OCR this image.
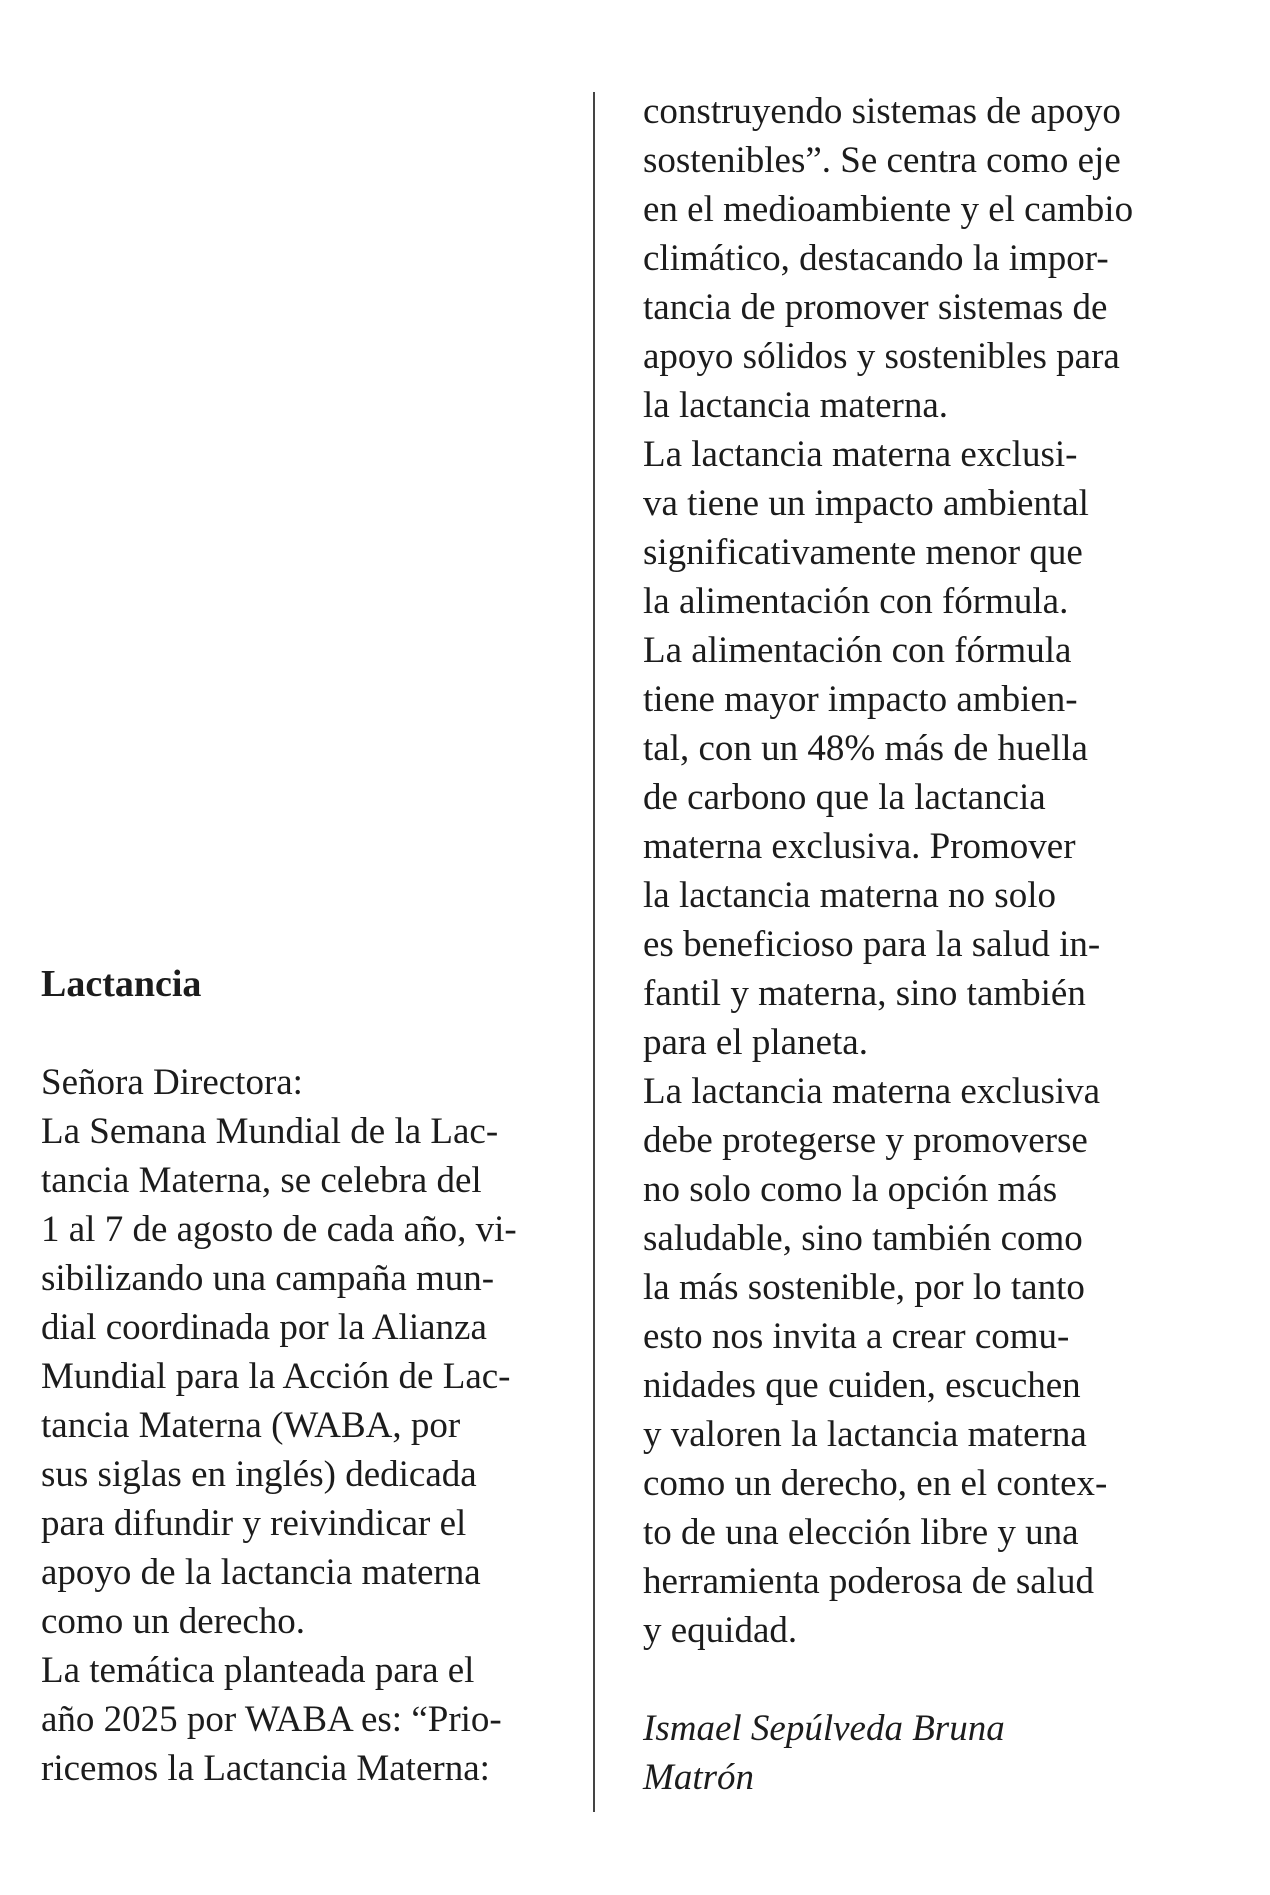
Lactancia
Señora Directora:

La Semana Mundial de la Lac-
tancia Materna, se celebra del
1 al 7 de agosto de cada año, vi-
sibilizando una campaña mun-
dial coordinada por la Alianza
Mundial para la Acción de Lac-
tancia Materna (WABA, por
sus siglas en inglés) dedicada
para difundir y reivindicar el
apoyo de la lactancia materna
como un derecho.

La temática planteada para el
año 2025 por WABA es: “Prio-
ricemos la Lactancia Materna:

construyendo sistemas de apoyo
sostenibles”. Se centra como eje
en el medioambiente y el cambio
climático, destacando la impor-
tancia de promover sistemas de
apoyo sólidos y sostenibles para
la lactancia materna.

La lactancia materna exclusi-
va tiene un impacto ambiental
significativamente menor que
la alimentación con fórmula.
La alimentación con fórmula
tiene mayor impacto ambien-
tal, con un 48% más de huella
de carbono que la lactancia
materna exclusiva. Promover
la lactancia materna no solo
es beneficioso para la salud in-
fantil y materna, sino también
para el planeta.

La lactancia materna exclusiva
debe protegerse y promoverse
no solo como la opción más
saludable, sino también como
la más sostenible, por lo tanto
esto nos invita a crear comu-
nidades que cuiden, escuchen
y valoren la lactancia materna
como un derecho, en el contex-
to de una elección libre y una
herramienta poderosa de salud
y equidad.

Ismael Sepúlveda Bruna
Matrón
